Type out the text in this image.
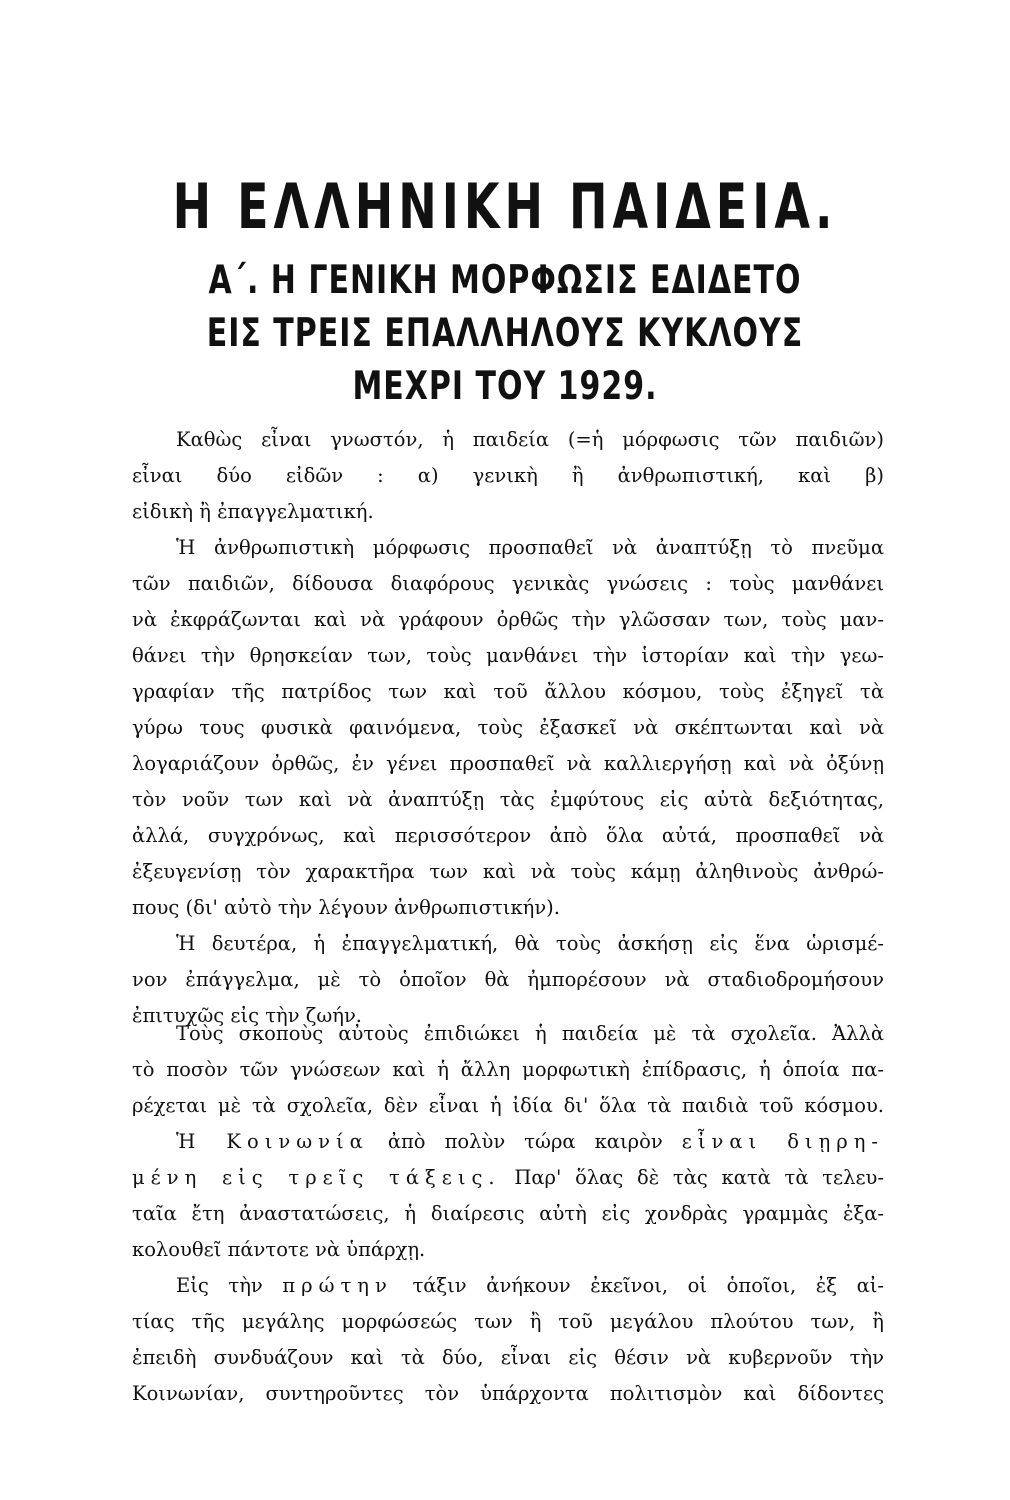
Η ΕΛΛΗΝΙΚΗ ΠΑΙΔΕΙΑ.
Α΄. Η ΓΕΝΙΚΗ ΜΟΡΦΩΣΙΣ ΕΔΙΔΕΤΟ
ΕΙΣ ΤΡΕΙΣ ΕΠΑΛΛΗΛΟΥΣ ΚΥΚΛΟΥΣ
ΜΕΧΡΙ ΤΟΥ 1929.
Καθὼς εἶναι γνωστόν, ἡ παιδεία (=ἡ μόρφωσις τῶν παιδιῶν)
εἶναι δύο εἰδῶν : α) γενικὴ ἢ ἀνθρωπιστική, καὶ β)
εἰδικὴ ἢ ἐπαγγελματική.
Ἡ ἀνθρωπιστικὴ μόρφωσις προσπαθεῖ νὰ ἀναπτύξῃ τὸ πνεῦμα
τῶν παιδιῶν, δίδουσα διαφόρους γενικὰς γνώσεις : τοὺς μανθάνει
νὰ ἐκφράζωνται καὶ νὰ γράφουν ὀρθῶς τὴν γλῶσσαν των, τοὺς μαν-
θάνει τὴν θρησκείαν των, τοὺς μανθάνει τὴν ἱστορίαν καὶ τὴν γεω-
γραφίαν τῆς πατρίδος των καὶ τοῦ ἄλλου κόσμου, τοὺς ἐξηγεῖ τὰ
γύρω τους φυσικὰ φαινόμενα, τοὺς ἐξασκεῖ νὰ σκέπτωνται καὶ νὰ
λογαριάζουν ὀρθῶς, ἐν γένει προσπαθεῖ νὰ καλλιεργήσῃ καὶ νὰ ὀξύνῃ
τὸν νοῦν των καὶ νὰ ἀναπτύξῃ τὰς ἐμφύτους εἰς αὐτὰ δεξιότητας,
ἀλλά, συγχρόνως, καὶ περισσότερον ἀπὸ ὅλα αὐτά, προσπαθεῖ νὰ
ἐξευγενίσῃ τὸν χαρακτῆρα των καὶ νὰ τοὺς κάμῃ ἀληθινοὺς ἀνθρώ-
πους (δι' αὐτὸ τὴν λέγουν ἀνθρωπιστικήν).
Ἡ δευτέρα, ἡ ἐπαγγελματική, θὰ τοὺς ἀσκήσῃ εἰς ἕνα ὡρισμέ-
νον ἐπάγγελμα, μὲ τὸ ὁποῖον θὰ ἠμπορέσουν νὰ σταδιοδρομήσουν
ἐπιτυχῶς εἰς τὴν ζωήν.
Τοὺς σκοποὺς αὐτοὺς ἐπιδιώκει ἡ παιδεία μὲ τὰ σχολεῖα. Ἀλλὰ
τὸ ποσὸν τῶν γνώσεων καὶ ἡ ἄλλη μορφωτικὴ ἐπίδρασις, ἡ ὁποία πα-
ρέχεται μὲ τὰ σχολεῖα, δὲν εἶναι ἡ ἰδία δι' ὅλα τὰ παιδιὰ τοῦ κόσμου.
Ἡ Κοινωνία ἀπὸ πολὺν τώρα καιρὸν εἶναι διῃρη-
μένη εἰς τρεῖς τάξεις. Παρ' ὅλας δὲ τὰς κατὰ τὰ τελευ-
ταῖα ἔτη ἀναστατώσεις, ἡ διαίρεσις αὐτὴ εἰς χονδρὰς γραμμὰς ἐξα-
κολουθεῖ πάντοτε νὰ ὑπάρχῃ.
Εἰς τὴν πρώτην τάξιν ἀνήκουν ἐκεῖνοι, οἱ ὁποῖοι, ἐξ αἰ-
τίας τῆς μεγάλης μορφώσεώς των ἢ τοῦ μεγάλου πλούτου των, ἢ
ἐπειδὴ συνδυάζουν καὶ τὰ δύο, εἶναι εἰς θέσιν νὰ κυβερνοῦν τὴν
Κοινωνίαν, συντηροῦντες τὸν ὑπάρχοντα πολιτισμὸν καὶ δίδοντες
